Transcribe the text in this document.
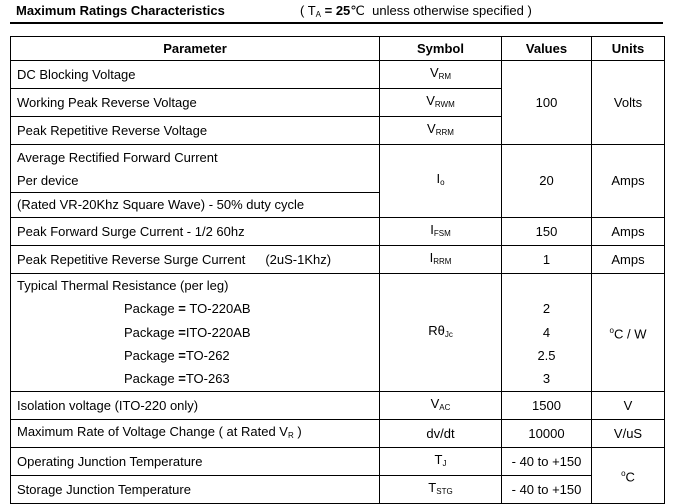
Maximum Ratings Characteristics	( $T_A$ = 25℃  unless otherwise specified )
Parameter	Symbol	Values	Units
DC Blocking Voltage	$V_{RM}$	100	Volts
Working Peak Reverse Voltage	$V_{RWM}$
Peak Repetitive Reverse Voltage	$V_{RRM}$
Average Rectified Forward Current	$I_o$	20	Amps
Per device			
(Rated VR-20Khz Square Wave) - 50% duty cycle			
Peak Forward Surge Current - 1/2 60hz	$I_{FSM}$	150	Amps
Peak Repetitive Reverse Surge Current (2uS-1Khz)	$I_{RRM}$	1	Amps
Typical Thermal Resistance (per leg)	$R\theta_{Jc}$		$^o$C / W
Package = TO-220AB		2	
Package =ITO-220AB		4	
Package =TO-262		2.5	
Package =TO-263		3	
Isolation voltage (ITO-220 only)	$V_{AC}$	1500	V
Maximum Rate of Voltage Change ( at Rated $V_R$ )	dv/dt	10000	V/uS
Operating Junction Temperature	$T_J$	- 40 to +150	$^o$C
Storage Junction Temperature	$T_{STG}$	- 40 to +150	
